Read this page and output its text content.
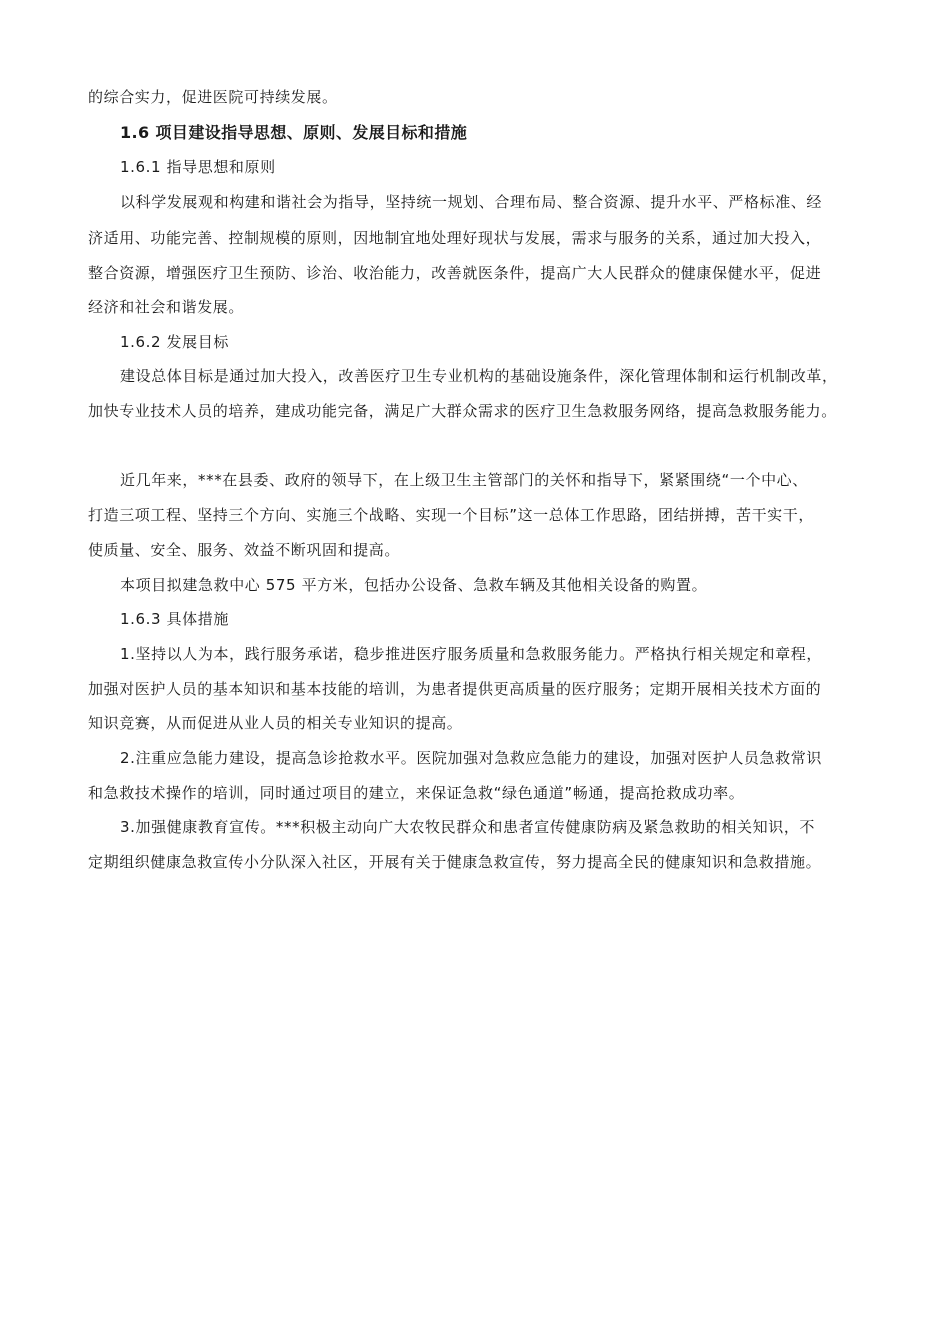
的综合实力，促进医院可持续发展。
1.6 项目建设指导思想、原则、发展目标和措施
1.6.1 指导思想和原则
以科学发展观和构建和谐社会为指导，坚持统一规划、合理布局、整合资源、提升水平、严格标准、经
济适用、功能完善、控制规模的原则，因地制宜地处理好现状与发展，需求与服务的关系，通过加大投入，
整合资源，增强医疗卫生预防、诊治、收治能力，改善就医条件，提高广大人民群众的健康保健水平，促进
经济和社会和谐发展。
1.6.2 发展目标
建设总体目标是通过加大投入，改善医疗卫生专业机构的基础设施条件，深化管理体制和运行机制改革，
加快专业技术人员的培养，建成功能完备，满足广大群众需求的医疗卫生急救服务网络，提高急救服务能力。
近几年来，***在县委、政府的领导下，在上级卫生主管部门的关怀和指导下，紧紧围绕“一个中心、
打造三项工程、坚持三个方向、实施三个战略、实现一个目标”这一总体工作思路，团结拼搏，苦干实干，
使质量、安全、服务、效益不断巩固和提高。
本项目拟建急救中心 575 平方米，包括办公设备、急救车辆及其他相关设备的购置。
1.6.3 具体措施
1.坚持以人为本，践行服务承诺，稳步推进医疗服务质量和急救服务能力。严格执行相关规定和章程，
加强对医护人员的基本知识和基本技能的培训，为患者提供更高质量的医疗服务；定期开展相关技术方面的
知识竞赛，从而促进从业人员的相关专业知识的提高。
2.注重应急能力建设，提高急诊抢救水平。医院加强对急救应急能力的建设，加强对医护人员急救常识
和急救技术操作的培训，同时通过项目的建立，来保证急救“绿色通道”畅通，提高抢救成功率。
3.加强健康教育宣传。***积极主动向广大农牧民群众和患者宣传健康防病及紧急救助的相关知识，不
定期组织健康急救宣传小分队深入社区，开展有关于健康急救宣传，努力提高全民的健康知识和急救措施。
